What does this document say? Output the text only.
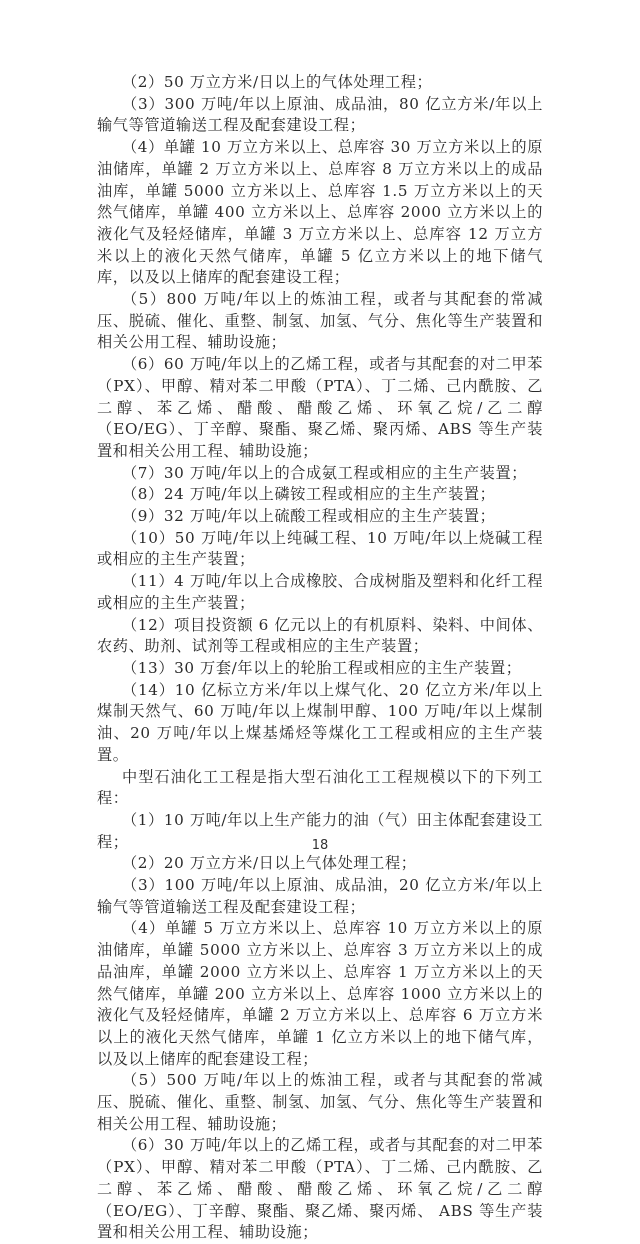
（2）50 万立方米/日以上的气体处理工程；

（3）300 万吨/年以上原油、成品油，80 亿立方米/年以上输气等管道输送工程及配套建设工程；

（4）单罐 10 万立方米以上、总库容 30 万立方米以上的原油储库，单罐 2 万立方米以上、总库容 8 万立方米以上的成品油库，单罐 5000 立方米以上、总库容 1.5 万立方米以上的天然气储库，单罐 400 立方米以上、总库容 2000 立方米以上的液化气及轻烃储库，单罐 3 万立方米以上、总库容 12 万立方米以上的液化天然气储库，单罐 5 亿立方米以上的地下储气库，以及以上储库的配套建设工程；

（5）800 万吨/年以上的炼油工程，或者与其配套的常减压、脱硫、催化、重整、制氢、加氢、气分、焦化等生产装置和相关公用工程、辅助设施；

（6）60 万吨/年以上的乙烯工程，或者与其配套的对二甲苯（PX）、甲醇、精对苯二甲酸（PTA）、丁二烯、己内酰胺、乙二醇、苯乙烯、醋酸、醋酸乙烯、环氧乙烷/乙二醇（EO/EG）、丁辛醇、聚酯、聚乙烯、聚丙烯、ABS 等生产装置和相关公用工程、辅助设施；

（7）30 万吨/年以上的合成氨工程或相应的主生产装置；

（8）24 万吨/年以上磷铵工程或相应的主生产装置；

（9）32 万吨/年以上硫酸工程或相应的主生产装置；

（10）50 万吨/年以上纯碱工程、10 万吨/年以上烧碱工程或相应的主生产装置；

（11）4 万吨/年以上合成橡胶、合成树脂及塑料和化纤工程或相应的主生产装置；

（12）项目投资额 6 亿元以上的有机原料、染料、中间体、农药、助剂、试剂等工程或相应的主生产装置；

（13）30 万套/年以上的轮胎工程或相应的主生产装置；

（14）10 亿标立方米/年以上煤气化、20 亿立方米/年以上煤制天然气、60 万吨/年以上煤制甲醇、100 万吨/年以上煤制油、20 万吨/年以上煤基烯烃等煤化工工程或相应的主生产装置。

中型石油化工工程是指大型石油化工工程规模以下的下列工程：

（1）10 万吨/年以上生产能力的油（气）田主体配套建设工程；

（2）20 万立方米/日以上气体处理工程；

（3）100 万吨/年以上原油、成品油，20 亿立方米/年以上输气等管道输送工程及配套建设工程；

（4）单罐 5 万立方米以上、总库容 10 万立方米以上的原油储库，单罐 5000 立方米以上、总库容 3 万立方米以上的成品油库，单罐 2000 立方米以上、总库容 1 万立方米以上的天然气储库，单罐 200 立方米以上、总库容 1000 立方米以上的液化气及轻烃储库，单罐 2 万立方米以上、总库容 6 万立方米以上的液化天然气储库，单罐 1 亿立方米以上的地下储气库，以及以上储库的配套建设工程；

（5）500 万吨/年以上的炼油工程，或者与其配套的常减压、脱硫、催化、重整、制氢、加氢、气分、焦化等生产装置和相关公用工程、辅助设施；

（6）30 万吨/年以上的乙烯工程，或者与其配套的对二甲苯（PX）、甲醇、精对苯二甲酸（PTA）、丁二烯、己内酰胺、乙二醇、苯乙烯、醋酸、醋酸乙烯、环氧乙烷/乙二醇（EO/EG）、丁辛醇、聚酯、聚乙烯、聚丙烯、 ABS 等生产装置和相关公用工程、辅助设施；

18
